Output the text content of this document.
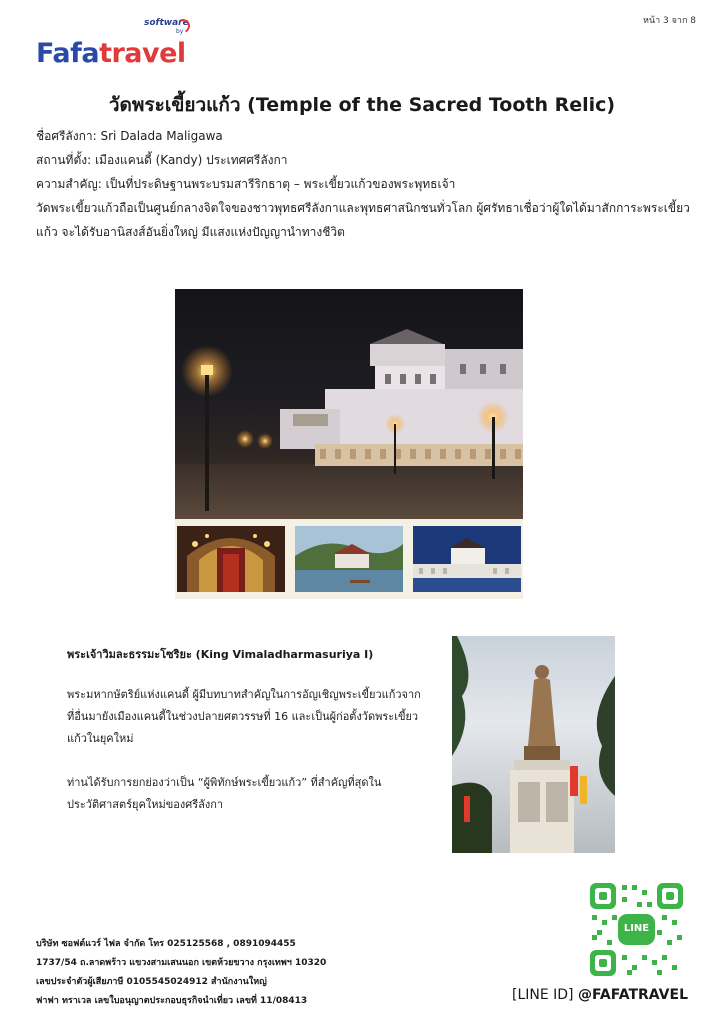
หน้า 3 จาก 8
software
by
Fafatravel
วัดพระเขี้ยวแก้ว (Temple of the Sacred Tooth Relic)
ชื่อศรีลังกา: Sri Dalada Maligawa
สถานที่ตั้ง: เมืองแคนดี้ (Kandy) ประเทศศรีลังกา
ความสำคัญ: เป็นที่ประดิษฐานพระบรมสารีริกธาตุ – พระเขี้ยวแก้วของพระพุทธเจ้า
วัดพระเขี้ยวแก้วถือเป็นศูนย์กลางจิตใจของชาวพุทธศรีลังกาและพุทธศาสนิกชนทั่วโลก ผู้ศรัทธาเชื่อว่าผู้ใดได้มาสักการะพระเขี้ยวแก้ว จะได้รับอานิสงส์อันยิ่งใหญ่ มีแสงแห่งปัญญานำทางชีวิต
พระเจ้าวิมละธรรมะโซริยะ (King Vimaladharmasuriya I)
พระมหากษัตริย์แห่งแคนดี้ ผู้มีบทบาทสำคัญในการอัญเชิญพระเขี้ยวแก้วจากที่อื่นมายังเมืองแคนดี้ในช่วงปลายศตวรรษที่ 16 และเป็นผู้ก่อตั้งวัดพระเขี้ยวแก้วในยุคใหม่
ท่านได้รับการยกย่องว่าเป็น “ผู้พิทักษ์พระเขี้ยวแก้ว” ที่สำคัญที่สุดในประวัติศาสตร์ยุคใหม่ของศรีลังกา
บริษัท ซอฟต์แวร์ ไฟล จำกัด โทร 025125568 , 0891094455
1737/54 ถ.ลาดพร้าว แขวงสามเสนนอก เขตห้วยขวาง กรุงเทพฯ 10320
เลขประจำตัวผู้เสียภาษี 0105545024912 สำนักงานใหญ่
ฟาฟา ทราเวล เลขใบอนุญาตประกอบธุรกิจนำเที่ยว เลขที่ 11/08413
LINE
[LINE ID] @FAFATRAVEL
